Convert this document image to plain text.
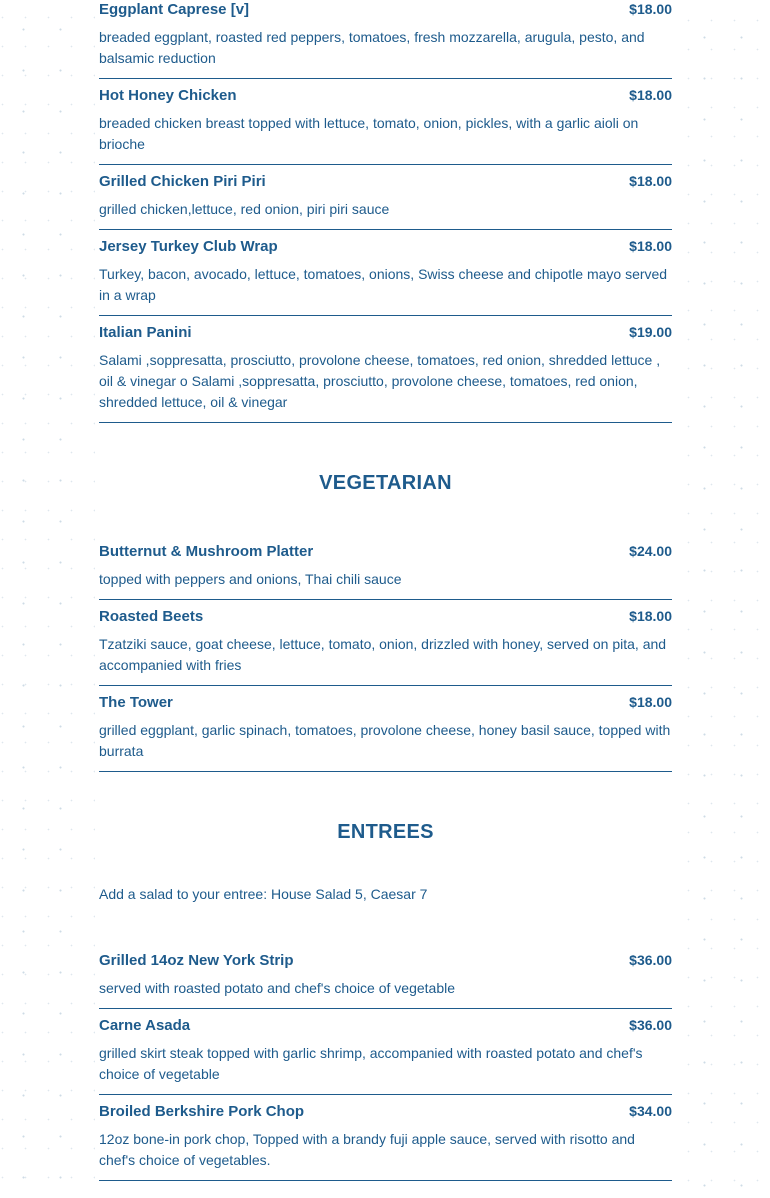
Eggplant Caprese [v]	$18.00
breaded eggplant, roasted red peppers, tomatoes, fresh mozzarella, arugula, pesto, and balsamic reduction
Hot Honey Chicken	$18.00
breaded chicken breast topped with lettuce, tomato, onion, pickles, with a garlic aioli on brioche
Grilled Chicken Piri Piri	$18.00
grilled chicken,lettuce, red onion, piri piri sauce
Jersey Turkey Club Wrap	$18.00
Turkey, bacon, avocado, lettuce, tomatoes, onions, Swiss cheese and chipotle mayo served in a wrap
Italian Panini	$19.00
Salami ,soppresatta, prosciutto, provolone cheese, tomatoes, red onion, shredded lettuce , oil & vinegar o Salami ,soppresatta, prosciutto, provolone cheese, tomatoes, red onion, shredded lettuce, oil & vinegar
VEGETARIAN
Butternut & Mushroom Platter	$24.00
topped with peppers and onions, Thai chili sauce
Roasted Beets	$18.00
Tzatziki sauce, goat cheese, lettuce, tomato, onion, drizzled with honey, served on pita, and accompanied with fries
The Tower	$18.00
grilled eggplant, garlic spinach, tomatoes, provolone cheese, honey basil sauce, topped with burrata
ENTREES

Add a salad to your entree: House Salad 5, Caesar 7

Grilled 14oz New York Strip	$36.00
served with roasted potato and chef's choice of vegetable
Carne Asada	$36.00
grilled skirt steak topped with garlic shrimp, accompanied with roasted potato and chef's choice of vegetable
Broiled Berkshire Pork Chop	$34.00
12oz bone-in pork chop, Topped with a brandy fuji apple sauce, served with risotto and chef's choice of vegetables.
